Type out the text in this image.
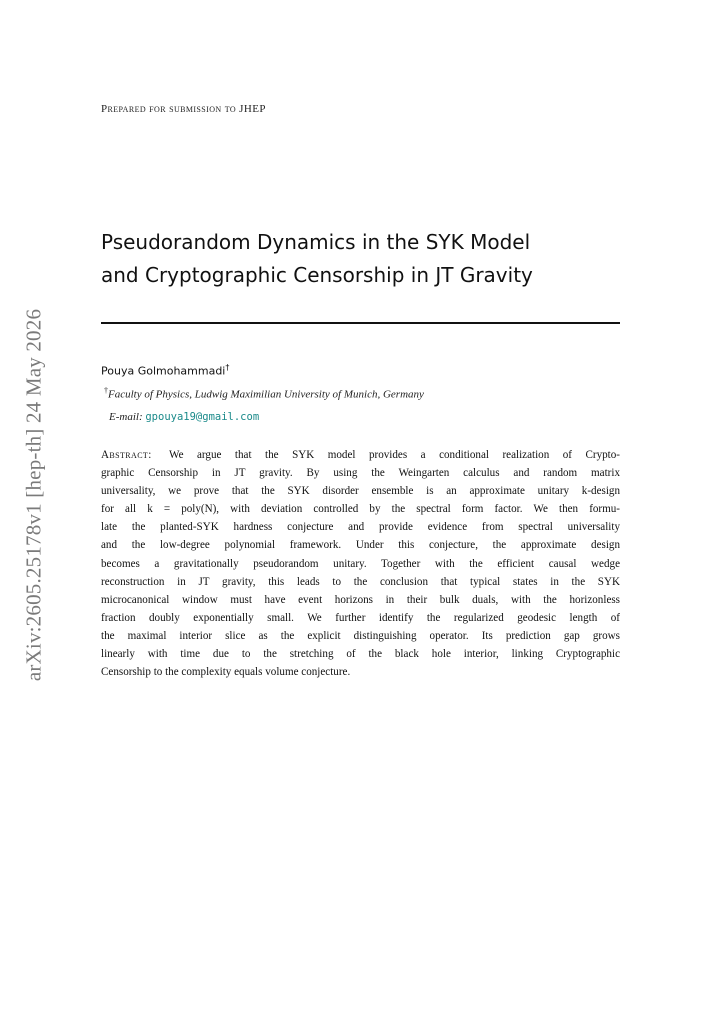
arXiv:2605.25178v1 [hep-th] 24 May 2026
Prepared for submission to JHEP
Pseudorandom Dynamics in the SYK Model
and Cryptographic Censorship in JT Gravity
Pouya Golmohammadi†
†Faculty of Physics, Ludwig Maximilian University of Munich, Germany
E-mail: gpouya19@gmail.com
Abstract: We argue that the SYK model provides a conditional realization of Crypto-
graphic Censorship in JT gravity. By using the Weingarten calculus and random matrix
universality, we prove that the SYK disorder ensemble is an approximate unitary k-design
for all k = poly(N), with deviation controlled by the spectral form factor. We then formu-
late the planted-SYK hardness conjecture and provide evidence from spectral universality
and the low-degree polynomial framework. Under this conjecture, the approximate design
becomes a gravitationally pseudorandom unitary. Together with the efficient causal wedge
reconstruction in JT gravity, this leads to the conclusion that typical states in the SYK
microcanonical window must have event horizons in their bulk duals, with the horizonless
fraction doubly exponentially small. We further identify the regularized geodesic length of
the maximal interior slice as the explicit distinguishing operator. Its prediction gap grows
linearly with time due to the stretching of the black hole interior, linking Cryptographic
Censorship to the complexity equals volume conjecture.
